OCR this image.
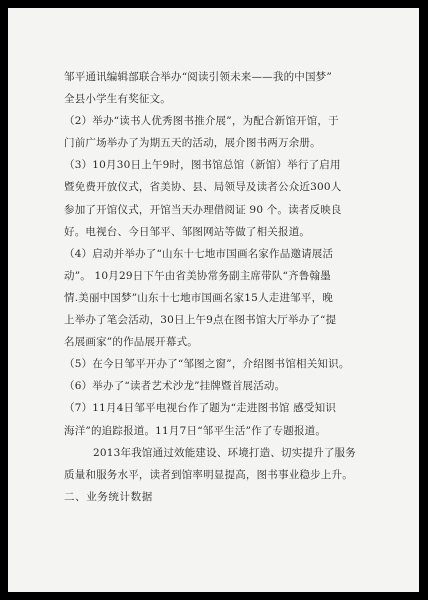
邹平通讯编辑部联合举办“阅读引领未来——我的中国梦”
全县小学生有奖征文。
（2）举办“读书人优秀图书推介展”，为配合新馆开馆，于
门前广场举办了为期五天的活动，展介图书两万余册。
（3）10月30日上午9时，图书馆总馆（新馆）举行了启用
暨免费开放仪式，省美协、县、局领导及读者公众近300人
参加了开馆仪式，开馆当天办理借阅证 90 个。读者反映良
好。电视台、今日邹平、邹图网站等做了相关报道。
（4）启动并举办了“山东十七地市国画名家作品邀请展活
动”。 10月29日下午由省美协常务副主席带队“齐鲁翰墨
情.美丽中国梦”山东十七地市国画名家15人走进邹平，晚
上举办了笔会活动，30日上午9点在图书馆大厅举办了“提
名展画家”的作品展开幕式。
（5）在今日邹平开办了“邹图之窗”，介绍图书馆相关知识。
（6）举办了“读者艺术沙龙”挂牌暨首展活动。
（7）11月4日邹平电视台作了题为“走进图书馆 感受知识
海洋”的追踪报道。11月7日“邹平生活”作了专题报道。
2013年我馆通过效能建设、环境打造、切实提升了服务
质量和服务水平，读者到馆率明显提高，图书事业稳步上升。
二、业务统计数据
